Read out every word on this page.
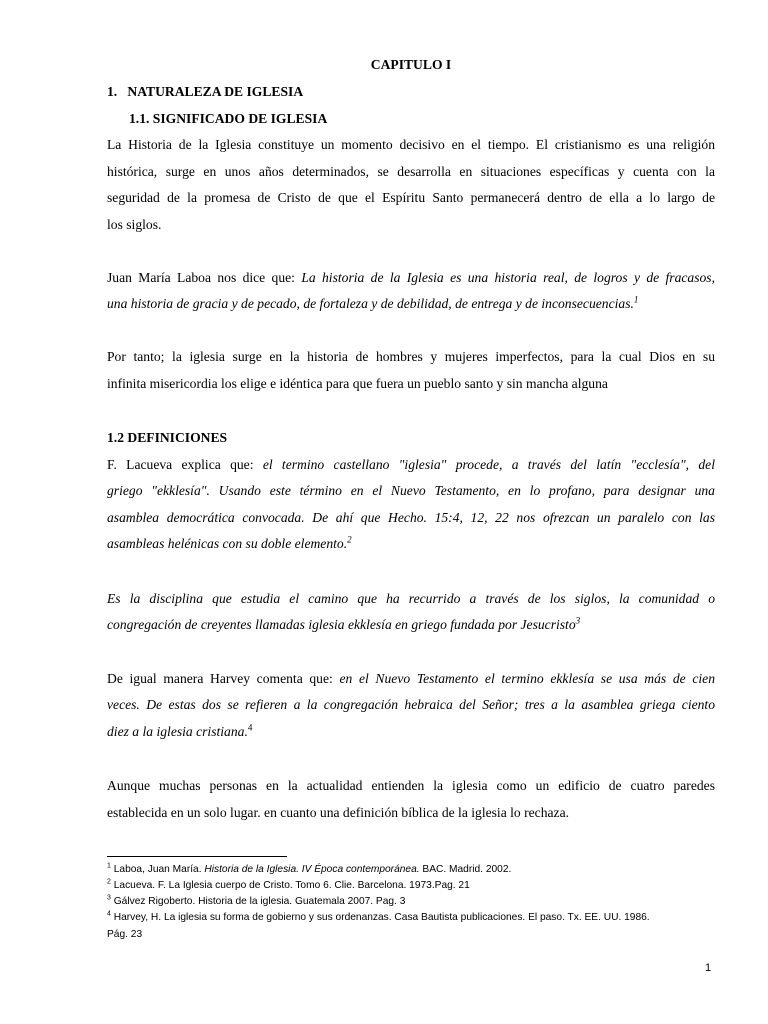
CAPITULO I
1.   NATURALEZA DE IGLESIA
1.1. SIGNIFICADO DE IGLESIA
La Historia de la Iglesia constituye un momento decisivo en el tiempo. El cristianismo es una religión
histórica, surge en unos años determinados, se desarrolla en situaciones específicas y cuenta con la
seguridad de la promesa de Cristo de que el Espíritu Santo permanecerá dentro de ella a lo largo de
los siglos.
Juan María Laboa nos dice que: La historia de la Iglesia es una historia real, de logros y de fracasos,
una historia de gracia y de pecado, de fortaleza y de debilidad, de entrega y de inconsecuencias.$^1$
Por tanto; la iglesia surge en la historia de hombres y mujeres imperfectos, para la cual Dios en su
infinita misericordia los elige e idéntica para que fuera un pueblo santo y sin mancha alguna
1.2 DEFINICIONES
F. Lacueva explica que: el termino castellano "iglesia" procede, a través del latín "ecclesía", del
griego "ekklesía". Usando este término en el Nuevo Testamento, en lo profano, para designar una
asamblea democrática convocada. De ahí que Hecho. 15:4, 12, 22 nos ofrezcan un paralelo con las
asambleas helénicas con su doble elemento.$^2$
Es la disciplina que estudia el camino que ha recurrido a través de los siglos, la comunidad o
congregación de creyentes llamadas iglesia ekklesía en griego fundada por Jesucristo$^3$
De igual manera Harvey comenta que: en el Nuevo Testamento el termino ekklesía se usa más de cien
veces. De estas dos se refieren a la congregación hebraica del Señor; tres a la asamblea griega ciento
diez a la iglesia cristiana.$^4$
Aunque muchas personas en la actualidad entienden la iglesia como un edificio de cuatro paredes
establecida en un solo lugar. en cuanto una definición bíblica de la iglesia lo rechaza.
$^1$ Laboa, Juan María. Historia de la Iglesia. IV Época contemporánea. BAC. Madrid. 2002.
$^2$ Lacueva. F. La Iglesia cuerpo de Cristo. Tomo 6. Clie. Barcelona. 1973.Pag. 21
$^3$ Gálvez Rigoberto. Historia de la iglesia. Guatemala 2007. Pag. 3
$^4$ Harvey, H. La iglesia su forma de gobierno y sus ordenanzas. Casa Bautista publicaciones. El paso. Tx. EE. UU. 1986.
Pág. 23
1
